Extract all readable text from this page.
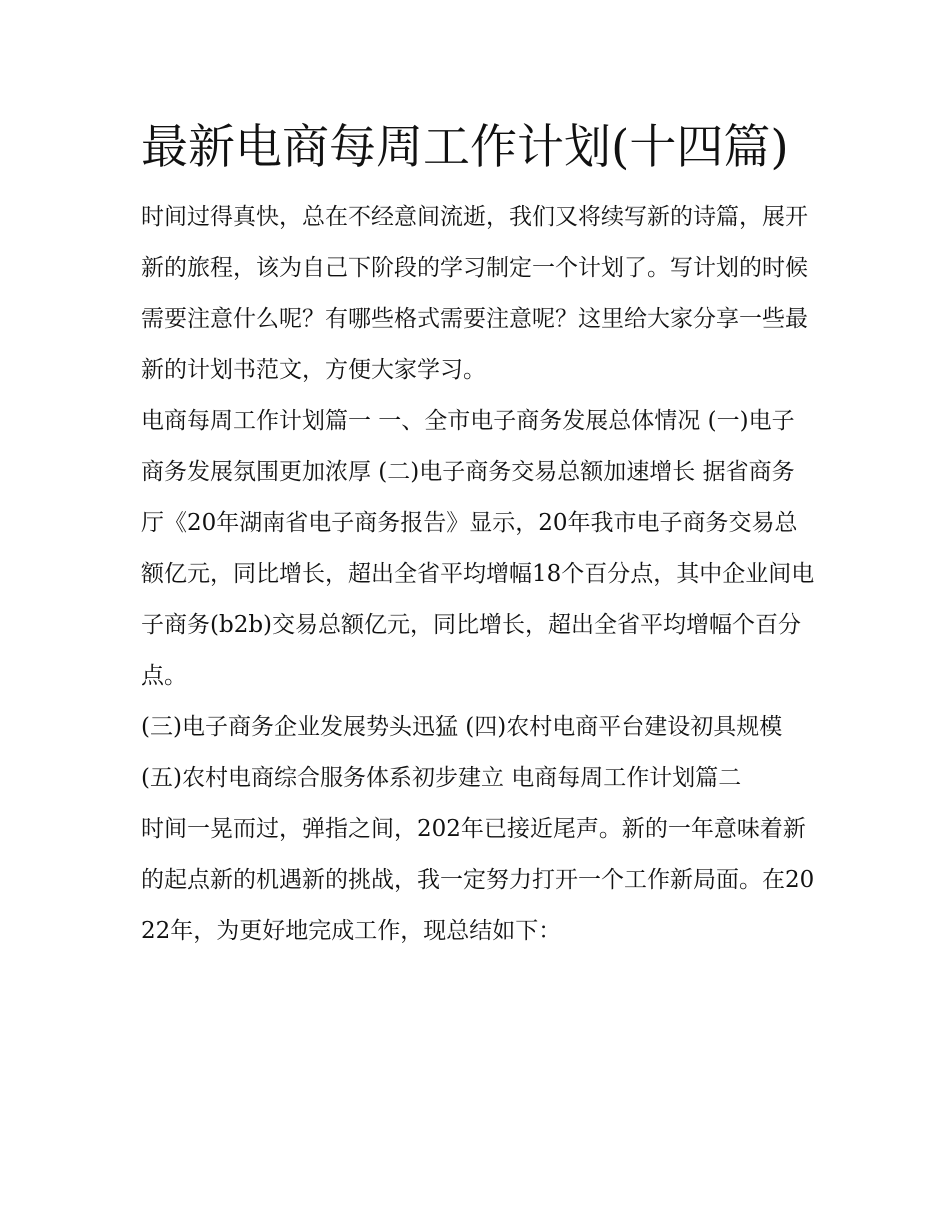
最新电商每周工作计划(十四篇)

时间过得真快，总在不经意间流逝，我们又将续写新的诗篇，展开新的旅程，该为自己下阶段的学习制定一个计划了。写计划的时候需要注意什么呢？有哪些格式需要注意呢？这里给大家分享一些最新的计划书范文，方便大家学习。

电商每周工作计划篇一 一、全市电子商务发展总体情况 (一)电子商务发展氛围更加浓厚 (二)电子商务交易总额加速增长 据省商务厅《20年湖南省电子商务报告》显示，20年我市电子商务交易总额亿元，同比增长，超出全省平均增幅18个百分点，其中企业间电子商务(b2b)交易总额亿元，同比增长，超出全省平均增幅个百分点。

(三)电子商务企业发展势头迅猛 (四)农村电商平台建设初具规模 (五)农村电商综合服务体系初步建立 电商每周工作计划篇二

时间一晃而过，弹指之间，202年已接近尾声。新的一年意味着新的起点新的机遇新的挑战，我一定努力打开一个工作新局面。在2022年，为更好地完成工作，现总结如下：
